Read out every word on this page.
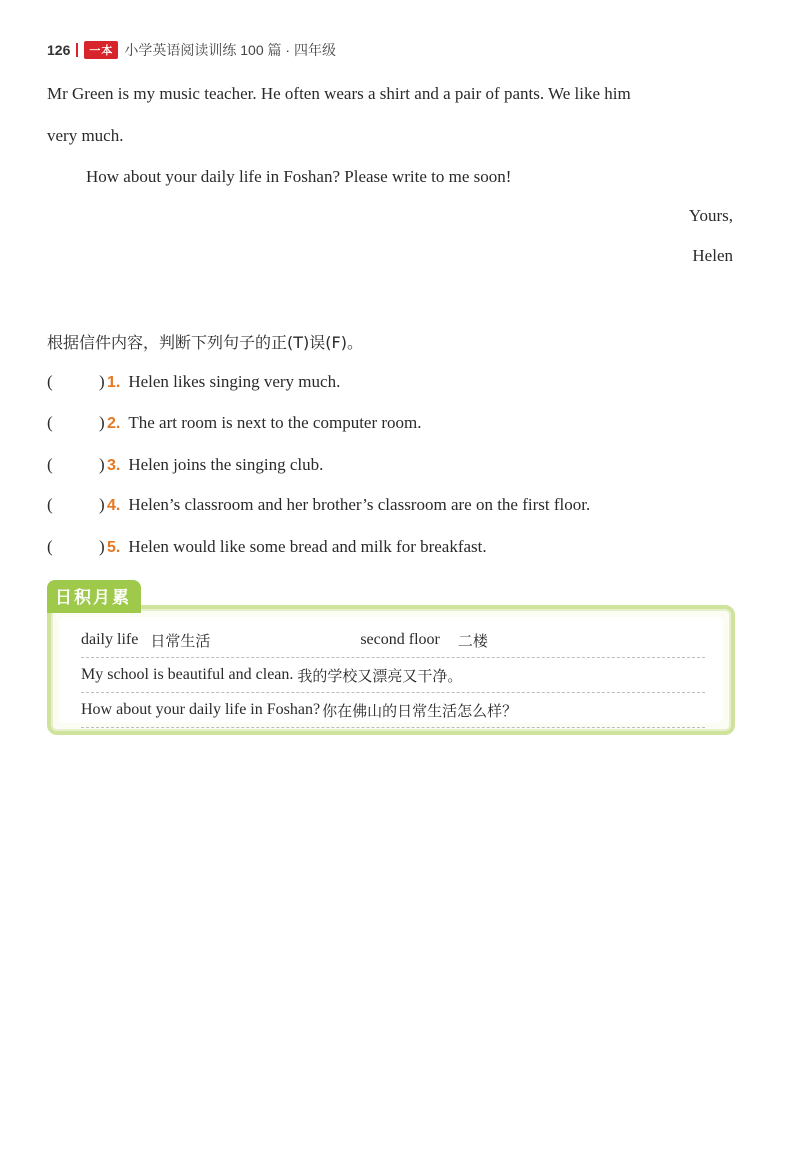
126	一本 小学英语阅读训练 100 篇 · 四年级
Mr Green is my music teacher. He often wears a shirt and a pair of pants. We like him
very much.
How about your daily life in Foshan? Please write to me soon!
Yours,
Helen
根据信件内容，判断下列句子的正(T)误(F)。
(	) 1. Helen likes singing very much.
(	) 2. The art room is next to the computer room.
(	) 3. Helen joins the singing club.
(	) 4. Helen’s classroom and her brother’s classroom are on the first floor.
(	) 5. Helen would like some bread and milk for breakfast.
日积月累
daily life 日常生活	second floor 二楼
My school is beautiful and clean. 我的学校又漂亮又干净。
How about your daily life in Foshan? 你在佛山的日常生活怎么样？
